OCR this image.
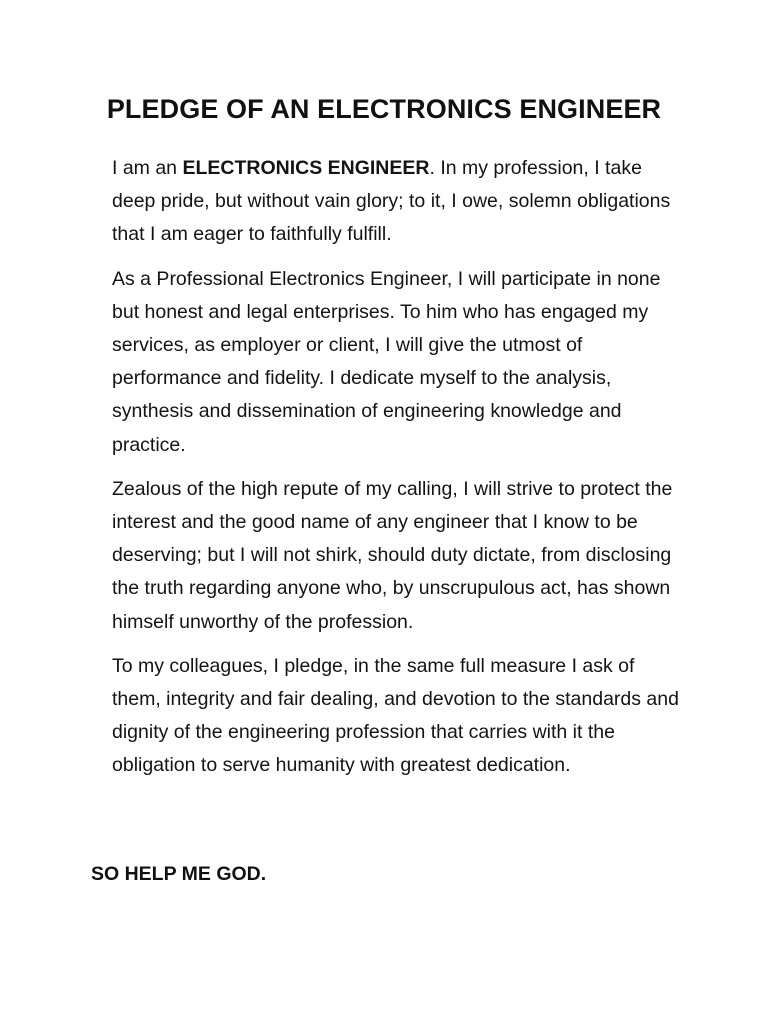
PLEDGE OF AN ELECTRONICS ENGINEER

I am an ELECTRONICS ENGINEER. In my profession, I take deep pride, but without vain glory; to it, I owe, solemn obligations that I am eager to faithfully fulfill.

As a Professional Electronics Engineer, I will participate in none but honest and legal enterprises. To him who has engaged my services, as employer or client, I will give the utmost of performance and fidelity. I dedicate myself to the analysis, synthesis and dissemination of engineering knowledge and practice.

Zealous of the high repute of my calling, I will strive to protect the interest and the good name of any engineer that I know to be deserving; but I will not shirk, should duty dictate, from disclosing the truth regarding anyone who, by unscrupulous act, has shown himself unworthy of the profession.

To my colleagues, I pledge, in the same full measure I ask of them, integrity and fair dealing, and devotion to the standards and dignity of the engineering profession that carries with it the obligation to serve humanity with greatest dedication.

SO HELP ME GOD.
